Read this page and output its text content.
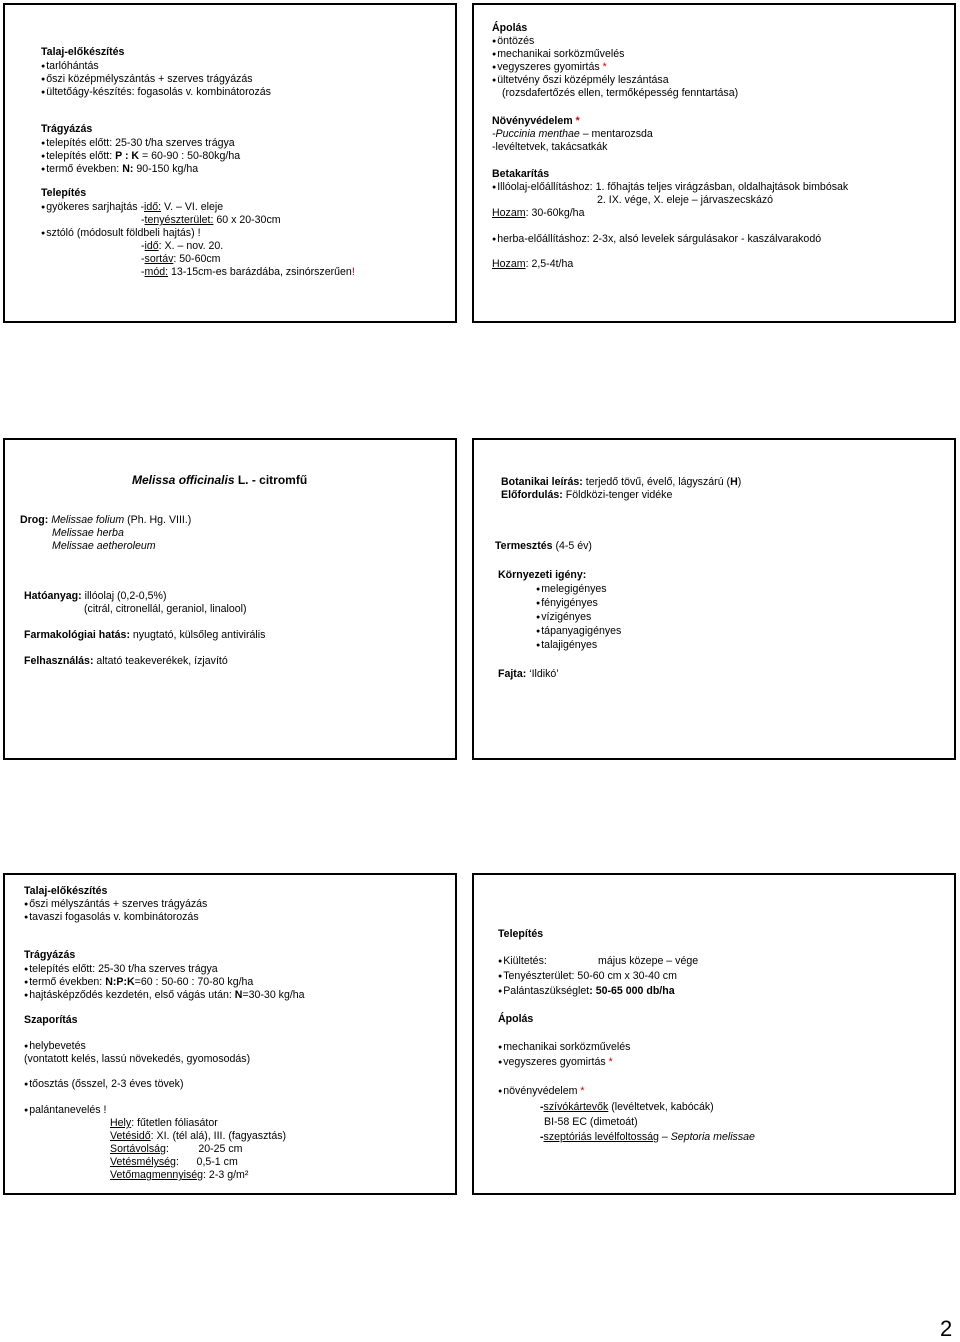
Talaj-előkészítés
● tarlóhántás
● őszi középmélyszántás + szerves trágyázás
● ültetőágy-készítés: fogasolás v. kombinátorozás
Trágyázás
● telepítés előtt: 25-30 t/ha szerves trágya
● telepítés előtt: P : K = 60-90 : 50-80kg/ha
● termő években: N: 90-150 kg/ha
Telepítés
● gyökeres sarjhajtás -idő: V. – VI. eleje
-tenyészterület: 60 x 20-30cm
● sztóló (módosult földbeli hajtás) !
-idő: X. – nov. 20.
-sortáv: 50-60cm
-mód: 13-15cm-es barázdába, zsinórszerűen!
Ápolás
● öntözés
● mechanikai sorközművelés
● vegyszeres gyomirtás *
● ültetvény őszi középmély leszántása
(rozsdafertőzés ellen, termőképesség fenntartása)
Növényvédelem *
-Puccinia menthae – mentarozsda
-levéltetvek, takácsatkák
Betakarítás
● Illóolaj-előállításhoz: 1. főhajtás teljes virágzásban, oldalhajtások bimbósak
2. IX. vége, X. eleje – járvaszecskázó
Hozam: 30-60kg/ha
● herba-előállításhoz: 2-3x, alsó levelek sárgulásakor - kaszálvarakodó
Hozam: 2,5-4t/ha
Melissa officinalis L. - citromfű
Drog: Melissae folium (Ph. Hg. VIII.)
Melissae herba
Melissae aetheroleum
Hatóanyag: illóolaj (0,2-0,5%)
(citrál, citronellál, geraniol, linalool)
Farmakológiai hatás: nyugtató, külsőleg antivirális
Felhasználás: altató teakeverékek, ízjavító
Botanikai leírás: terjedő tövű, évelő, lágyszárú (H)
Előfordulás: Földközi-tenger vidéke
Termesztés (4-5 év)
Környezeti igény:
● melegigényes
● fényigényes
● vízigényes
● tápanyagigényes
● talajigényes
Fajta: ‘Ildikó’
Talaj-előkészítés
● őszi mélyszántás + szerves trágyázás
● tavaszi fogasolás v. kombinátorozás
Trágyázás
● telepítés előtt: 25-30 t/ha szerves trágya
● termő években: N:P:K=60 : 50-60 : 70-80 kg/ha
● hajtásképződés kezdetén, első vágás után: N=30-30 kg/ha
Szaporítás
● helybevetés
(vontatott kelés, lassú növekedés, gyomosodás)
● tőosztás (ősszel, 2-3 éves tövek)
● palántanevelés !
Hely: fűtetlen fóliasátor
Vetésidő: XI. (tél alá), III. (fagyasztás)
Sortávolság:          20-25 cm
Vetésmélység:      0,5-1 cm
Vetőmagmennyiség: 2-3 g/m²
Telepítés
● Kiültetés:	május közepe – vége
● Tenyészterület: 50-60 cm x 30-40 cm
● Palántaszükséglet: 50-65 000 db/ha
Ápolás
● mechanikai sorközművelés
● vegyszeres gyomirtás *
● növényvédelem *
-szívókártevők (levéltetvek, kabócák)
BI-58 EC (dimetoát)
-szeptóriás levélfoltosság – Septoria melissae
2
